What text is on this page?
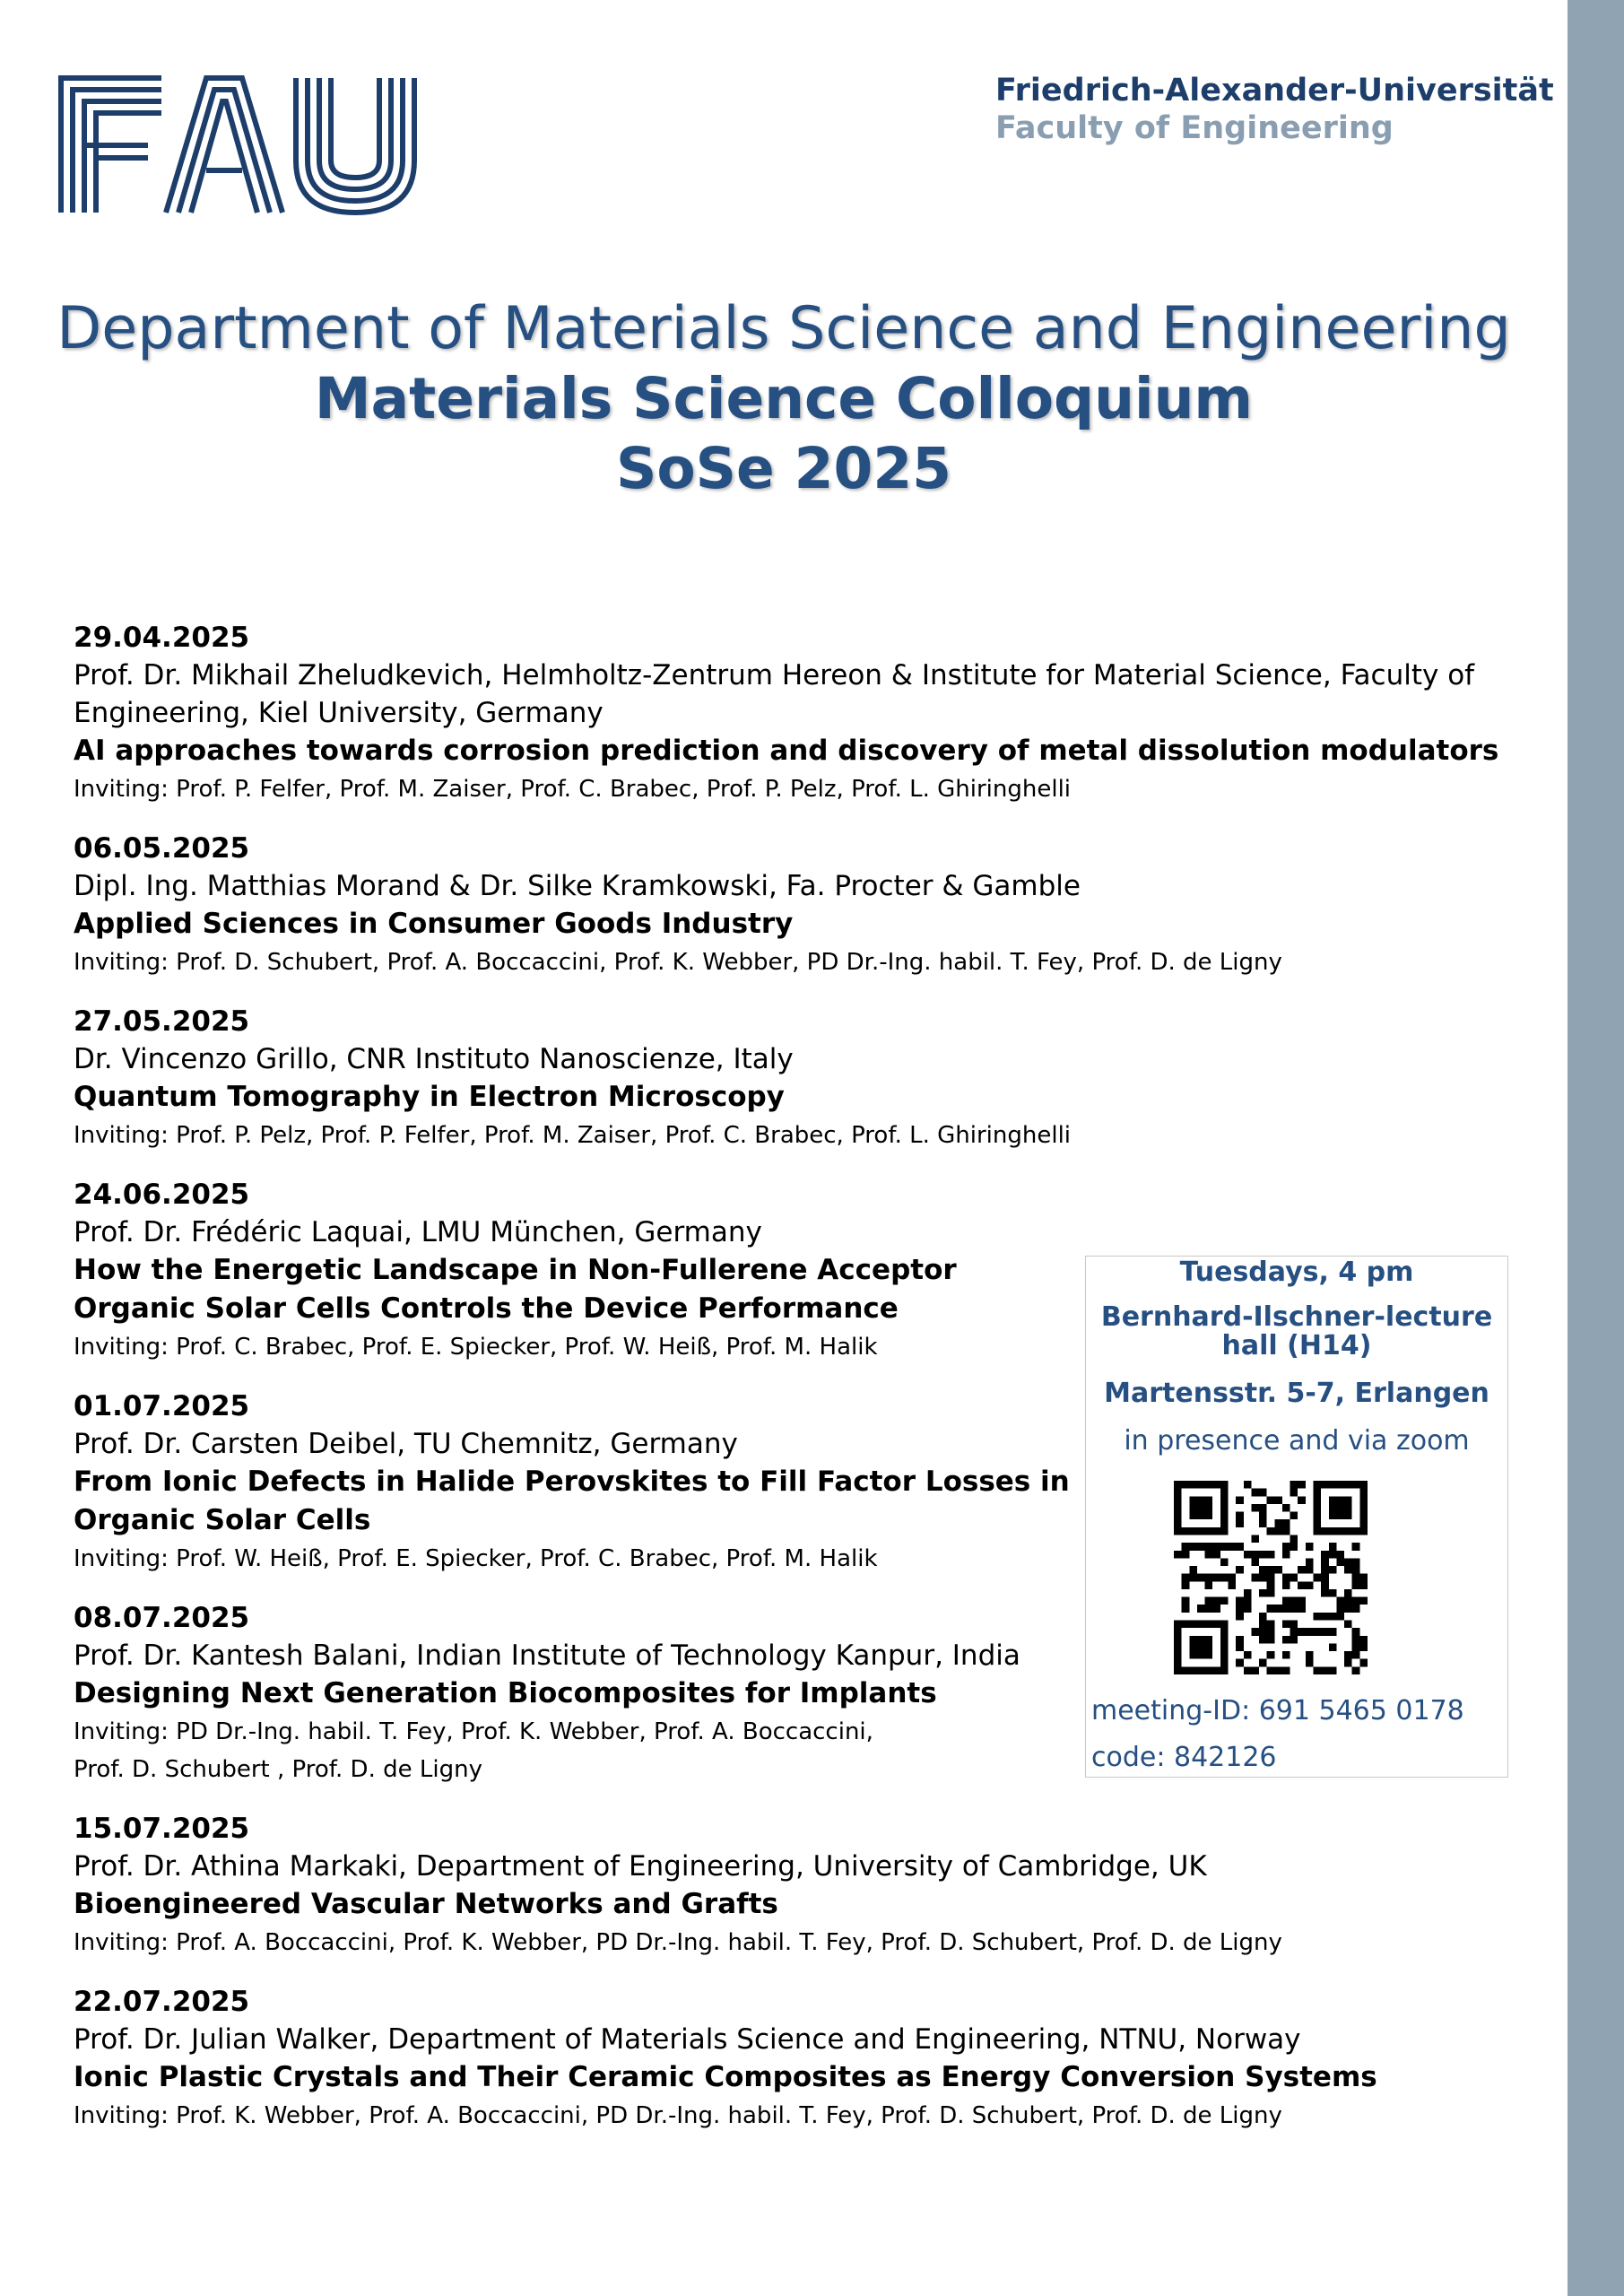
Friedrich-Alexander-Universität
Faculty of Engineering
Department of Materials Science and Engineering
Materials Science Colloquium
SoSe 2025
29.04.2025
Prof. Dr. Mikhail Zheludkevich, Helmholtz-Zentrum Hereon & Institute for Material Science, Faculty of Engineering, Kiel University, Germany
AI approaches towards corrosion prediction and discovery of metal dissolution modulators
Inviting: Prof. P. Felfer, Prof. M. Zaiser, Prof. C. Brabec, Prof. P. Pelz, Prof. L. Ghiringhelli
06.05.2025
Dipl. Ing. Matthias Morand & Dr. Silke Kramkowski, Fa. Procter & Gamble
Applied Sciences in Consumer Goods Industry
Inviting: Prof. D. Schubert, Prof. A. Boccaccini, Prof. K. Webber, PD Dr.-Ing. habil. T. Fey, Prof. D. de Ligny
27.05.2025
Dr. Vincenzo Grillo, CNR Instituto Nanoscienze, Italy
Quantum Tomography in Electron Microscopy
Inviting: Prof. P. Pelz, Prof. P. Felfer, Prof. M. Zaiser, Prof. C. Brabec, Prof. L. Ghiringhelli
24.06.2025
Prof. Dr. Frédéric Laquai, LMU München, Germany
How the Energetic Landscape in Non-Fullerene Acceptor Organic Solar Cells Controls the Device Performance
Inviting: Prof. C. Brabec, Prof. E. Spiecker, Prof. W. Heiß, Prof. M. Halik
01.07.2025
Prof. Dr. Carsten Deibel, TU Chemnitz, Germany
From Ionic Defects in Halide Perovskites to Fill Factor Losses in Organic Solar Cells
Inviting: Prof. W. Heiß, Prof. E. Spiecker, Prof. C. Brabec, Prof. M. Halik
08.07.2025
Prof. Dr. Kantesh Balani, Indian Institute of Technology Kanpur, India
Designing Next Generation Biocomposites for Implants
Inviting: PD Dr.-Ing. habil. T. Fey, Prof. K. Webber, Prof. A. Boccaccini,
Prof. D. Schubert , Prof. D. de Ligny
15.07.2025
Prof. Dr. Athina Markaki, Department of Engineering, University of Cambridge, UK
Bioengineered Vascular Networks and Grafts
Inviting: Prof. A. Boccaccini, Prof. K. Webber, PD Dr.-Ing. habil. T. Fey, Prof. D. Schubert, Prof. D. de Ligny
22.07.2025
Prof. Dr. Julian Walker, Department of Materials Science and Engineering, NTNU, Norway
Ionic Plastic Crystals and Their Ceramic Composites as Energy Conversion Systems
Inviting: Prof. K. Webber, Prof. A. Boccaccini, PD Dr.-Ing. habil. T. Fey, Prof. D. Schubert, Prof. D. de Ligny
Tuesdays, 4 pm
Bernhard-Ilschner-lecture hall (H14)
Martensstr. 5-7, Erlangen
in presence and via zoom
meeting-ID: 691 5465 0178
code: 842126
